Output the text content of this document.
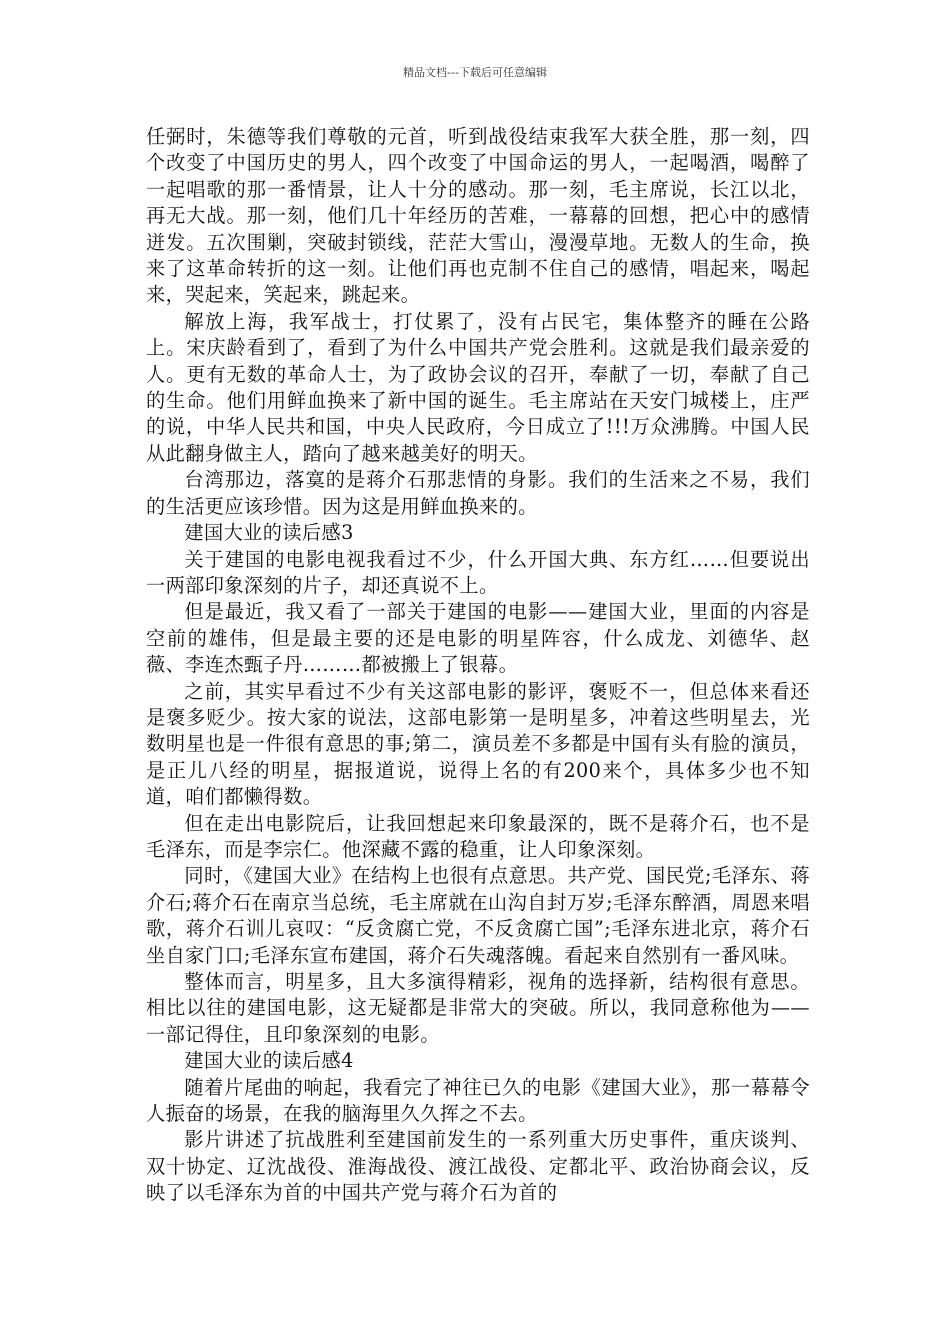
精品文档---下载后可任意编辑

任弼时，朱德等我们尊敬的元首，听到战役结束我军大获全胜，那一刻，四个改变了中国历史的男人，四个改变了中国命运的男人，一起喝酒，喝醉了一起唱歌的那一番情景，让人十分的感动。那一刻，毛主席说，长江以北，再无大战。那一刻，他们几十年经历的苦难，一幕幕的回想，把心中的感情迸发。五次围剿，突破封锁线，茫茫大雪山，漫漫草地。无数人的生命，换来了这革命转折的这一刻。让他们再也克制不住自己的感情，唱起来，喝起来，哭起来，笑起来，跳起来。

解放上海，我军战士，打仗累了，没有占民宅，集体整齐的睡在公路上。宋庆龄看到了，看到了为什么中国共产党会胜利。这就是我们最亲爱的人。更有无数的革命人士，为了政协会议的召开，奉献了一切，奉献了自己的生命。他们用鲜血换来了新中国的诞生。毛主席站在天安门城楼上，庄严的说，中华人民共和国，中央人民政府，今日成立了!!!万众沸腾。中国人民从此翻身做主人，踏向了越来越美好的明天。

台湾那边，落寞的是蒋介石那悲情的身影。我们的生活来之不易，我们的生活更应该珍惜。因为这是用鲜血换来的。

建国大业的读后感3

关于建国的电影电视我看过不少，什么开国大典、东方红……但要说出一两部印象深刻的片子，却还真说不上。

但是最近，我又看了一部关于建国的电影——建国大业，里面的内容是空前的雄伟，但是最主要的还是电影的明星阵容，什么成龙、刘德华、赵薇、李连杰甄子丹………都被搬上了银幕。

之前，其实早看过不少有关这部电影的影评，褒贬不一，但总体来看还是褒多贬少。按大家的说法，这部电影第一是明星多，冲着这些明星去，光数明星也是一件很有意思的事;第二，演员差不多都是中国有头有脸的演员，是正儿八经的明星，据报道说，说得上名的有200来个，具体多少也不知道，咱们都懒得数。

但在走出电影院后，让我回想起来印象最深的，既不是蒋介石，也不是毛泽东，而是李宗仁。他深藏不露的稳重，让人印象深刻。

同时，《建国大业》在结构上也很有点意思。共产党、国民党;毛泽东、蒋介石;蒋介石在南京当总统，毛主席就在山沟自封万岁;毛泽东醉酒，周恩来唱歌，蒋介石训儿哀叹：“反贪腐亡党，不反贪腐亡国”;毛泽东进北京，蒋介石坐自家门口;毛泽东宣布建国，蒋介石失魂落魄。看起来自然别有一番风味。

整体而言，明星多，且大多演得精彩，视角的选择新，结构很有意思。相比以往的建国电影，这无疑都是非常大的突破。所以，我同意称他为——一部记得住，且印象深刻的电影。

建国大业的读后感4

随着片尾曲的响起，我看完了神往已久的电影《建国大业》，那一幕幕令人振奋的场景，在我的脑海里久久挥之不去。

影片讲述了抗战胜利至建国前发生的一系列重大历史事件，重庆谈判、双十协定、辽沈战役、淮海战役、渡江战役、定都北平、政治协商会议，反映了以毛泽东为首的中国共产党与蒋介石为首的
